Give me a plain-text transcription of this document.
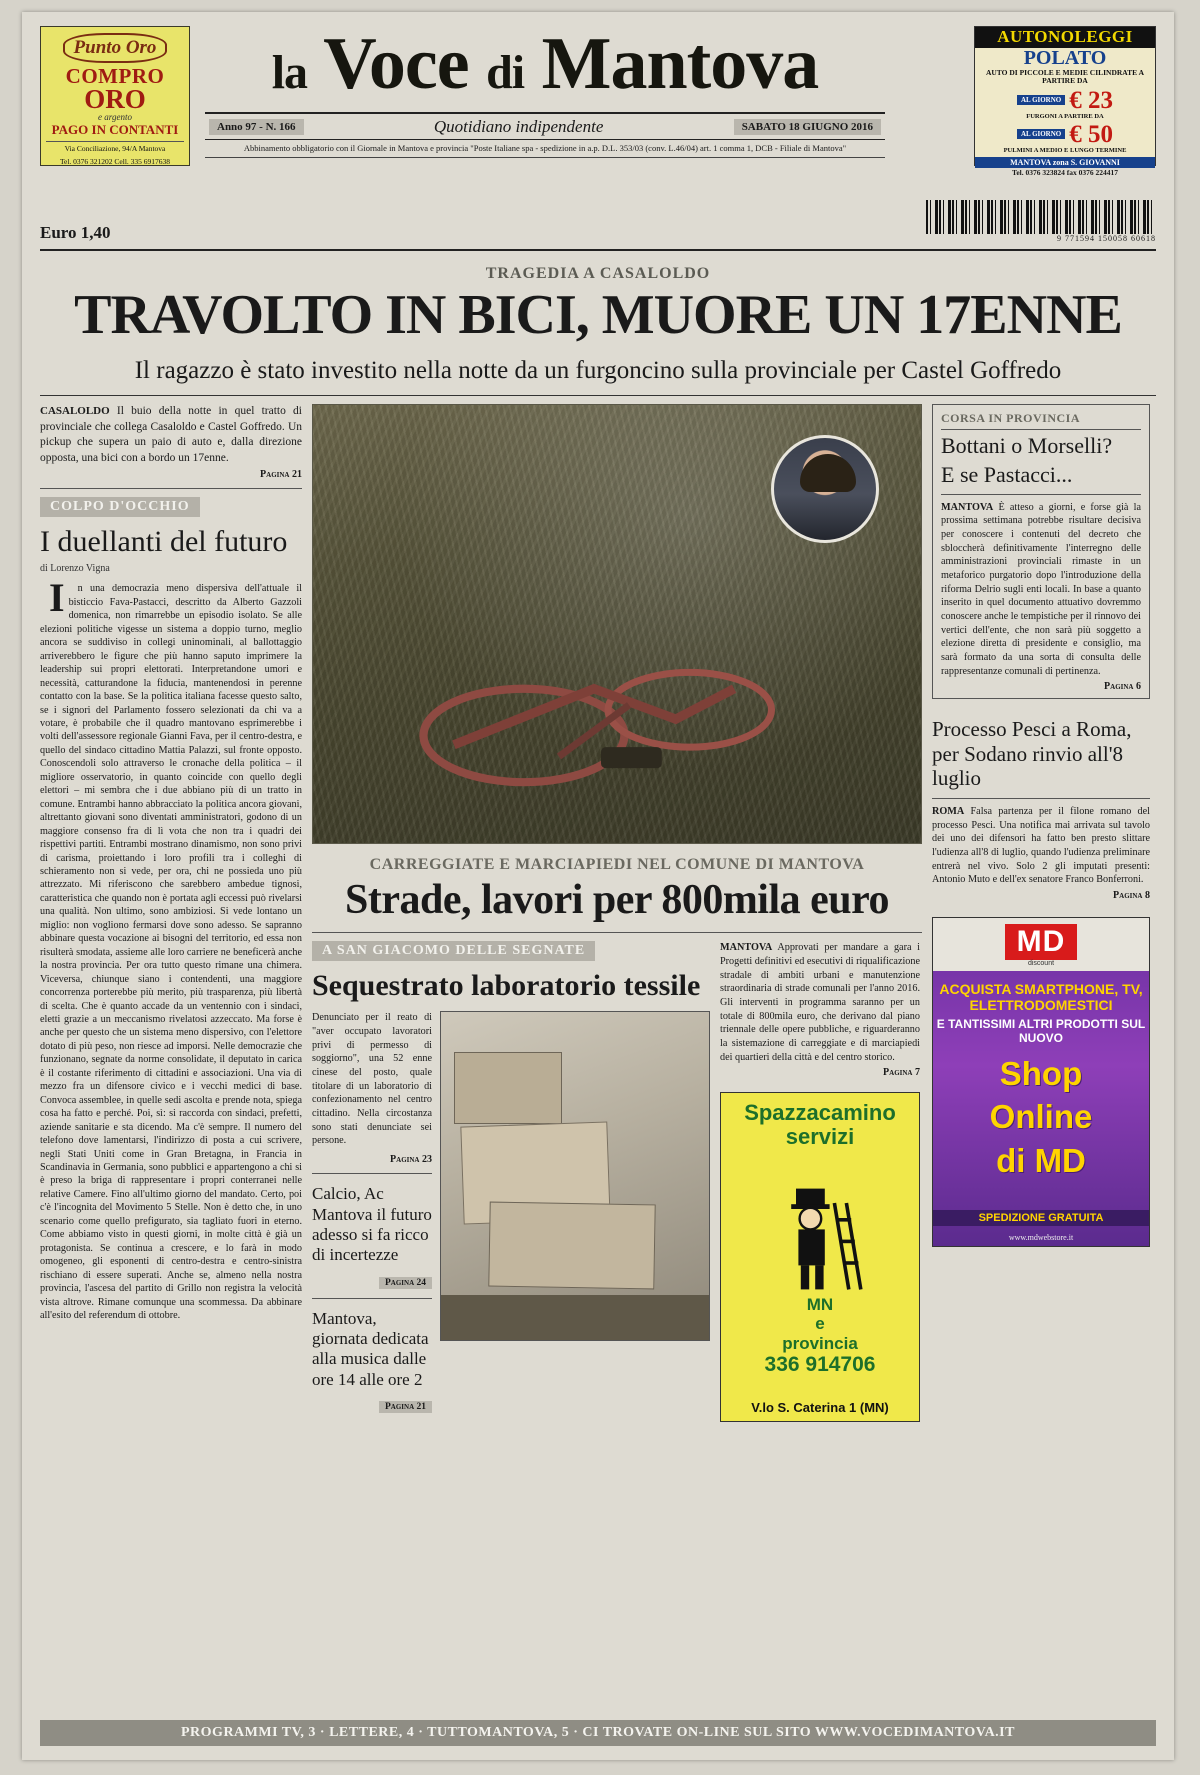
Punto Oro
COMPRO
ORO
e argento
PAGO IN CONTANTI
Via Conciliazione, 94/A Mantova
Tel. 0376 321202 Cell. 335 6917638
la Voce di Mantova
Anno 97 - N. 166	Quotidiano indipendente	SABATO 18 GIUGNO 2016
Abbinamento obbligatorio con il Giornale in Mantova e provincia "Poste Italiane spa - spedizione in a.p. D.L. 353/03 (conv. L.46/04) art. 1 comma 1, DCB - Filiale di Mantova"
AUTONOLEGGI
POLATO
AUTO DI PICCOLE E MEDIE CILINDRATE A PARTIRE DA
AL GIORNO € 23
FURGONI A PARTIRE DA
AL GIORNO € 50
PULMINI A MEDIO E LUNGO TERMINE
MANTOVA zona S. GIOVANNI
Tel. 0376 323824 fax 0376 224417
Euro 1,40	9 771594 150058 60618
TRAGEDIA A CASALOLDO
TRAVOLTO IN BICI, MUORE UN 17ENNE
Il ragazzo è stato investito nella notte da un furgoncino sulla provinciale per Castel Goffredo
CASALOLDO Il buio della notte in quel tratto di provinciale che collega Casaloldo e Castel Goffredo. Un pickup che supera un paio di auto e, dalla direzione opposta, una bici con a bordo un 17enne.
Pagina 21
COLPO D'OCCHIO
I duellanti del futuro
di Lorenzo Vigna

In una democrazia meno dispersiva dell'attuale il bisticcio Fava-Pastacci, descritto da Alberto Gazzoli domenica, non rimarrebbe un episodio isolato. Se alle elezioni politiche vigesse un sistema a doppio turno, meglio ancora se suddiviso in collegi uninominali, al ballottaggio arriverebbero le figure che più hanno saputo imprimere la leadership sui propri elettorati. Interpretandone umori e necessità, catturandone la fiducia, mantenendosi in perenne contatto con la base. Se la politica italiana facesse questo salto, se i signori del Parlamento fossero selezionati da chi va a votare, è probabile che il quadro mantovano esprimerebbe i volti dell'assessore regionale Gianni Fava, per il centro-destra, e quello del sindaco cittadino Mattia Palazzi, sul fronte opposto. Conoscendoli solo attraverso le cronache della politica – il migliore osservatorio, in quanto coincide con quello degli elettori – mi sembra che i due abbiano più di un tratto in comune. Entrambi hanno abbracciato la politica ancora giovani, altrettanto giovani sono diventati amministratori, godono di un maggiore consenso fra di lì vota che non tra i quadri dei rispettivi partiti. Entrambi mostrano dinamismo, non sono privi di carisma, proiettando i loro profili tra i colleghi di schieramento non si vede, per ora, chi ne possieda uno più attrezzato. Mi riferiscono che sarebbero ambedue tignosi, caratteristica che quando non è portata agli eccessi può rivelarsi una qualità. Non ultimo, sono ambiziosi. Si vede lontano un miglio: non vogliono fermarsi dove sono adesso. Se sapranno abbinare questa vocazione ai bisogni del territorio, ed essa non risulterà smodata, assieme alle loro carriere ne beneficerà anche la nostra provincia. Per ora tutto questo rimane una chimera. Viceversa, chiunque siano i contendenti, una maggiore concorrenza porterebbe più merito, più trasparenza, più libertà di scelta. Che è quanto accade da un ventennio con i sindaci, eletti grazie a un meccanismo rivelatosi azzeccato. Ma forse è anche per questo che un sistema meno dispersivo, con l'elettore dotato di più peso, non riesce ad imporsi. Nelle democrazie che funzionano, segnate da norme consolidate, il deputato in carica è il costante riferimento di cittadini e associazioni. Una via di mezzo fra un difensore civico e i vecchi medici di base. Convoca assemblee, in quelle sedi ascolta e prende nota, spiega cosa ha fatto e perché. Poi, sì: si raccorda con sindaci, prefetti, aziende sanitarie e sta dicendo. Ma c'è sempre. Il numero del telefono dove lamentarsi, l'indirizzo di posta a cui scrivere, negli Stati Uniti come in Gran Bretagna, in Francia in Scandinavia in Germania, sono pubblici e appartengono a chi si è preso la briga di rappresentare i propri conterranei nelle relative Camere. Fino all'ultimo giorno del mandato. Certo, poi c'è l'incognita del Movimento 5 Stelle. Non è detto che, in uno scenario come quello prefigurato, sia tagliato fuori in eterno. Come abbiamo visto in questi giorni, in molte città è già un protagonista. Se continua a crescere, e lo farà in modo omogeneo, gli esponenti di centro-destra e centro-sinistra rischiano di essere superati. Anche se, almeno nella nostra provincia, l'ascesa del partito di Grillo non registra la velocità vista altrove. Rimane comunque una scommessa. Da abbinare all'esito del referendum di ottobre.

CARREGGIATE E MARCIAPIEDI NEL COMUNE DI MANTOVA
Strade, lavori per 800mila euro
A SAN GIACOMO DELLE SEGNATE
Sequestrato laboratorio tessile
Denunciato per il reato di "aver occupato lavoratori privi di permesso di soggiorno", una 52 enne cinese del posto, quale titolare di un laboratorio di confezionamento nel centro cittadino. Nella circostanza sono stati denunciate sei persone.
Pagina 23
Calcio, Ac Mantova il futuro adesso si fa ricco di incertezze
Pagina 24
Mantova, giornata dedicata alla musica dalle ore 14 alle ore 2
Pagina 21
MANTOVA Approvati per mandare a gara i Progetti definitivi ed esecutivi di riqualificazione stradale di ambiti urbani e manutenzione straordinaria di strade comunali per l'anno 2016. Gli interventi in programma saranno per un totale di 800mila euro, che derivano dal piano triennale delle opere pubbliche, e riguarderanno la sistemazione di carreggiate e di marciapiedi dei quartieri della città e del centro storico.
Pagina 7
Spazzacamino
servizi
MN
e
provincia
336 914706
V.lo S. Caterina 1 (MN)
CORSA IN PROVINCIA
Bottani o Morselli?
E se Pastacci...
MANTOVA È atteso a giorni, e forse già la prossima settimana potrebbe risultare decisiva per conoscere i contenuti del decreto che sbloccherà definitivamente l'interregno delle amministrazioni provinciali rimaste in un metaforico purgatorio dopo l'introduzione della riforma Delrio sugli enti locali. In base a quanto inserito in quel documento attuativo dovremmo conoscere anche le tempistiche per il rinnovo dei vertici dell'ente, che non sarà più soggetto a elezione diretta di presidente e consiglio, ma sarà formato da una sorta di consulta delle rappresentanze comunali di pertinenza.
Pagina 6
Processo Pesci a Roma, per Sodano rinvio all'8 luglio
ROMA Falsa partenza per il filone romano del processo Pesci. Una notifica mai arrivata sul tavolo dei uno dei difensori ha fatto ben presto slittare l'udienza all'8 di luglio, quando l'udienza preliminare entrerà nel vivo. Solo 2 gli imputati presenti: Antonio Muto e dell'ex senatore Franco Bonferroni.
Pagina 8
MD
discount
ACQUISTA SMARTPHONE, TV, ELETTRODOMESTICI
E TANTISSIMI ALTRI PRODOTTI SUL NUOVO
Shop
Online
di MD
SPEDIZIONE GRATUITA
www.mdwebstore.it
PROGRAMMI TV, 3 · LETTERE, 4 · TUTTOMANTOVA, 5 · CI TROVATE ON-LINE SUL SITO WWW.VOCEDIMANTOVA.IT
